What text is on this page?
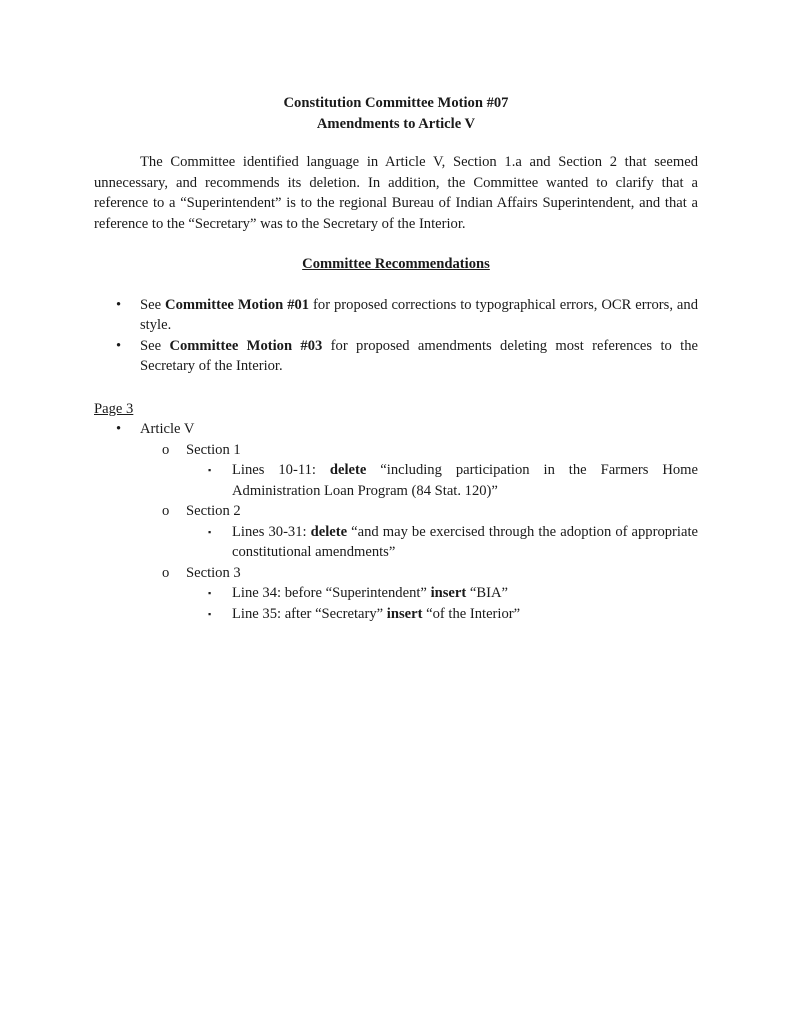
Constitution Committee Motion #07

Amendments to Article V

The Committee identified language in Article V, Section 1.a and Section 2 that seemed unnecessary, and recommends its deletion. In addition, the Committee wanted to clarify that a reference to a “Superintendent” is to the regional Bureau of Indian Affairs Superintendent, and that a reference to the “Secretary” was to the Secretary of the Interior.

Committee Recommendations

• See Committee Motion #01 for proposed corrections to typographical errors, OCR errors, and style.
• See Committee Motion #03 for proposed amendments deleting most references to the Secretary of the Interior.

Page 3

• Article V
o Section 1
▪ Lines 10-11: delete “including participation in the Farmers Home Administration Loan Program (84 Stat. 120)”
o Section 2
▪ Lines 30-31: delete “and may be exercised through the adoption of appropriate constitutional amendments”
o Section 3
▪ Line 34: before “Superintendent” insert “BIA”
▪ Line 35: after “Secretary” insert “of the Interior”
